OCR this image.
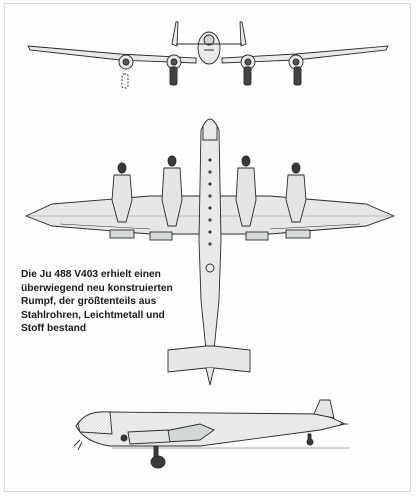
Die Ju 488 V403 erhielt einen
überwiegend neu konstruierten
Rumpf, der größtenteils aus
Stahlrohren, Leichtmetall und
Stoff bestand
